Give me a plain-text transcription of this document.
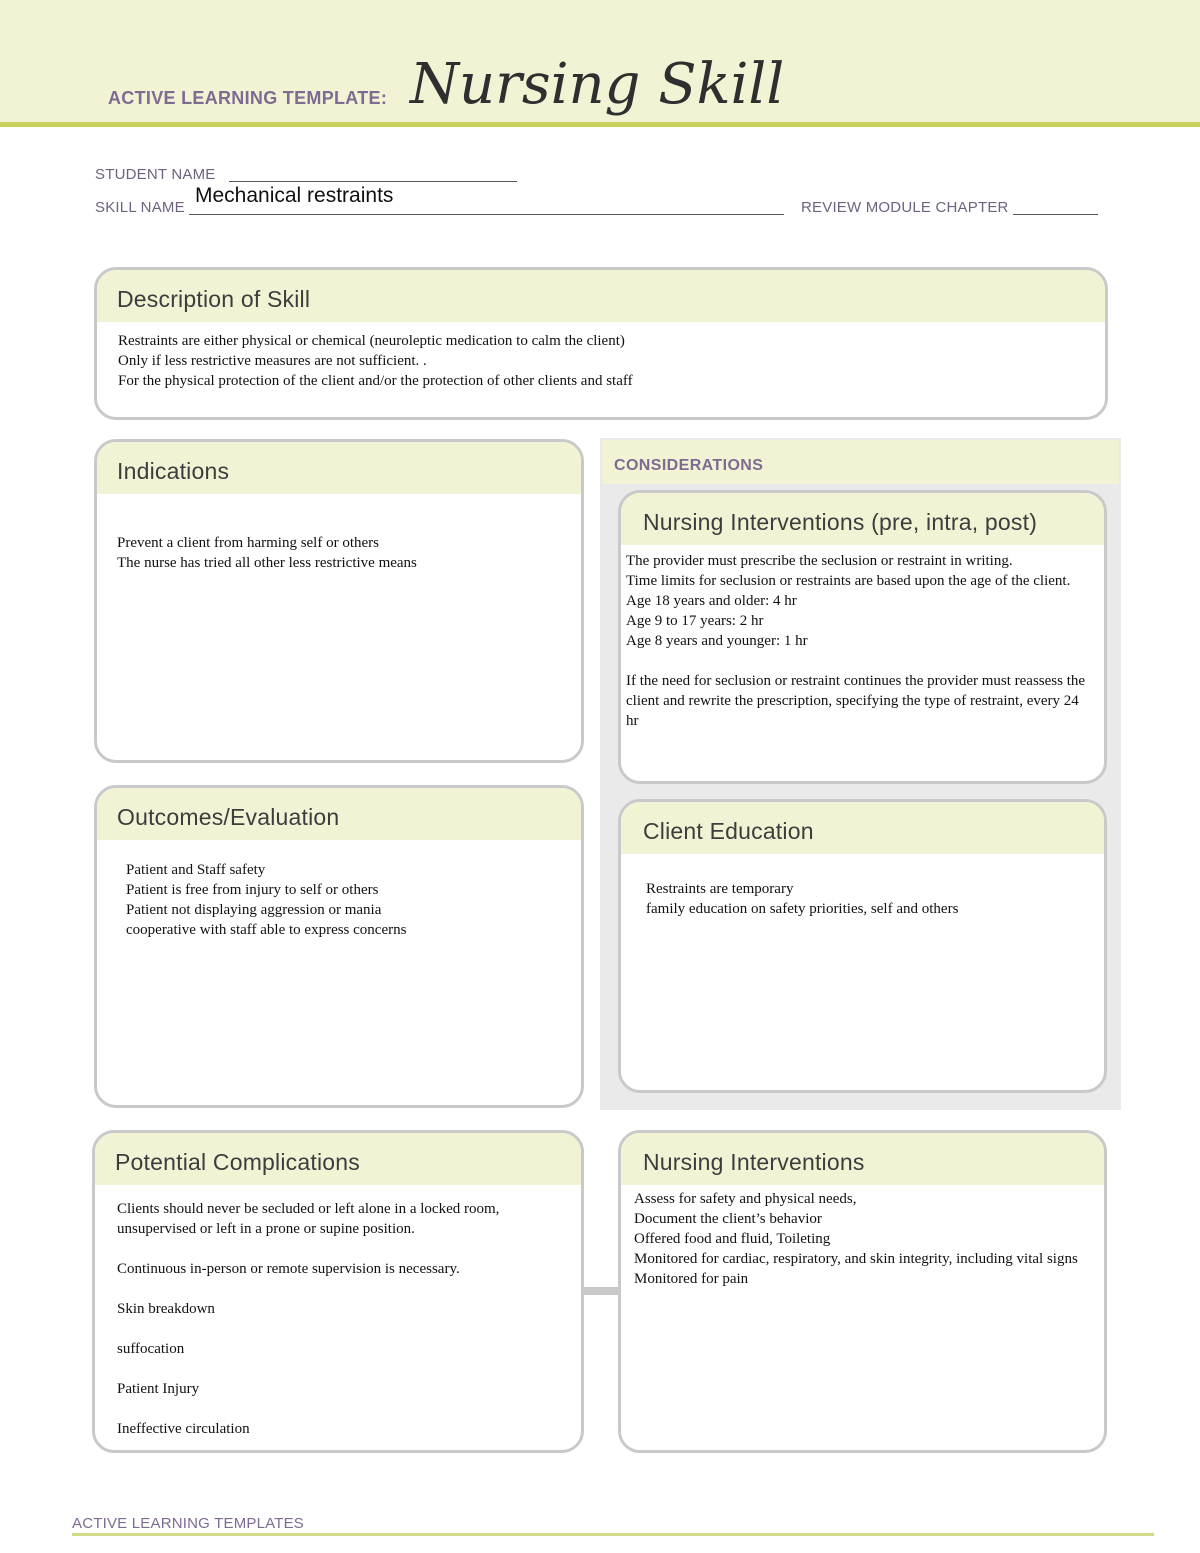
ACTIVE LEARNING TEMPLATE: Nursing Skill
STUDENT NAME
SKILL NAME
Mechanical restraints
REVIEW MODULE CHAPTER
Description of Skill
Restraints are either physical or chemical (neuroleptic medication to calm the client)
Only if less restrictive measures are not sufficient. .
For the physical protection of the client and/or the protection of other clients and staff
Indications
Prevent a client from harming self or others
The nurse has tried all other less restrictive means
CONSIDERATIONS
Nursing Interventions (pre, intra, post)
The provider must prescribe the seclusion or restraint in writing.
Time limits for seclusion or restraints are based upon the age of the client.
Age 18 years and older: 4 hr
Age 9 to 17 years: 2 hr
Age 8 years and younger: 1 hr

If the need for seclusion or restraint continues the provider must reassess the client and rewrite the prescription, specifying the type of restraint, every 24 hr
Client Education
Restraints are temporary
family education on safety priorities, self and others
Outcomes/Evaluation
Patient and Staff safety
Patient is free from injury to self or others
Patient not displaying aggression or mania
cooperative with staff able to express concerns
Potential Complications
Clients should never be secluded or left alone in a locked room, unsupervised or left in a prone or supine position.

Continuous in-person or remote supervision is necessary.

Skin breakdown

suffocation

Patient Injury

Ineffective circulation
Nursing Interventions
Assess for safety and physical needs,
Document the client’s behavior
Offered food and fluid, Toileting
Monitored for cardiac, respiratory, and skin integrity, including vital signs
Monitored for pain
ACTIVE LEARNING TEMPLATES
